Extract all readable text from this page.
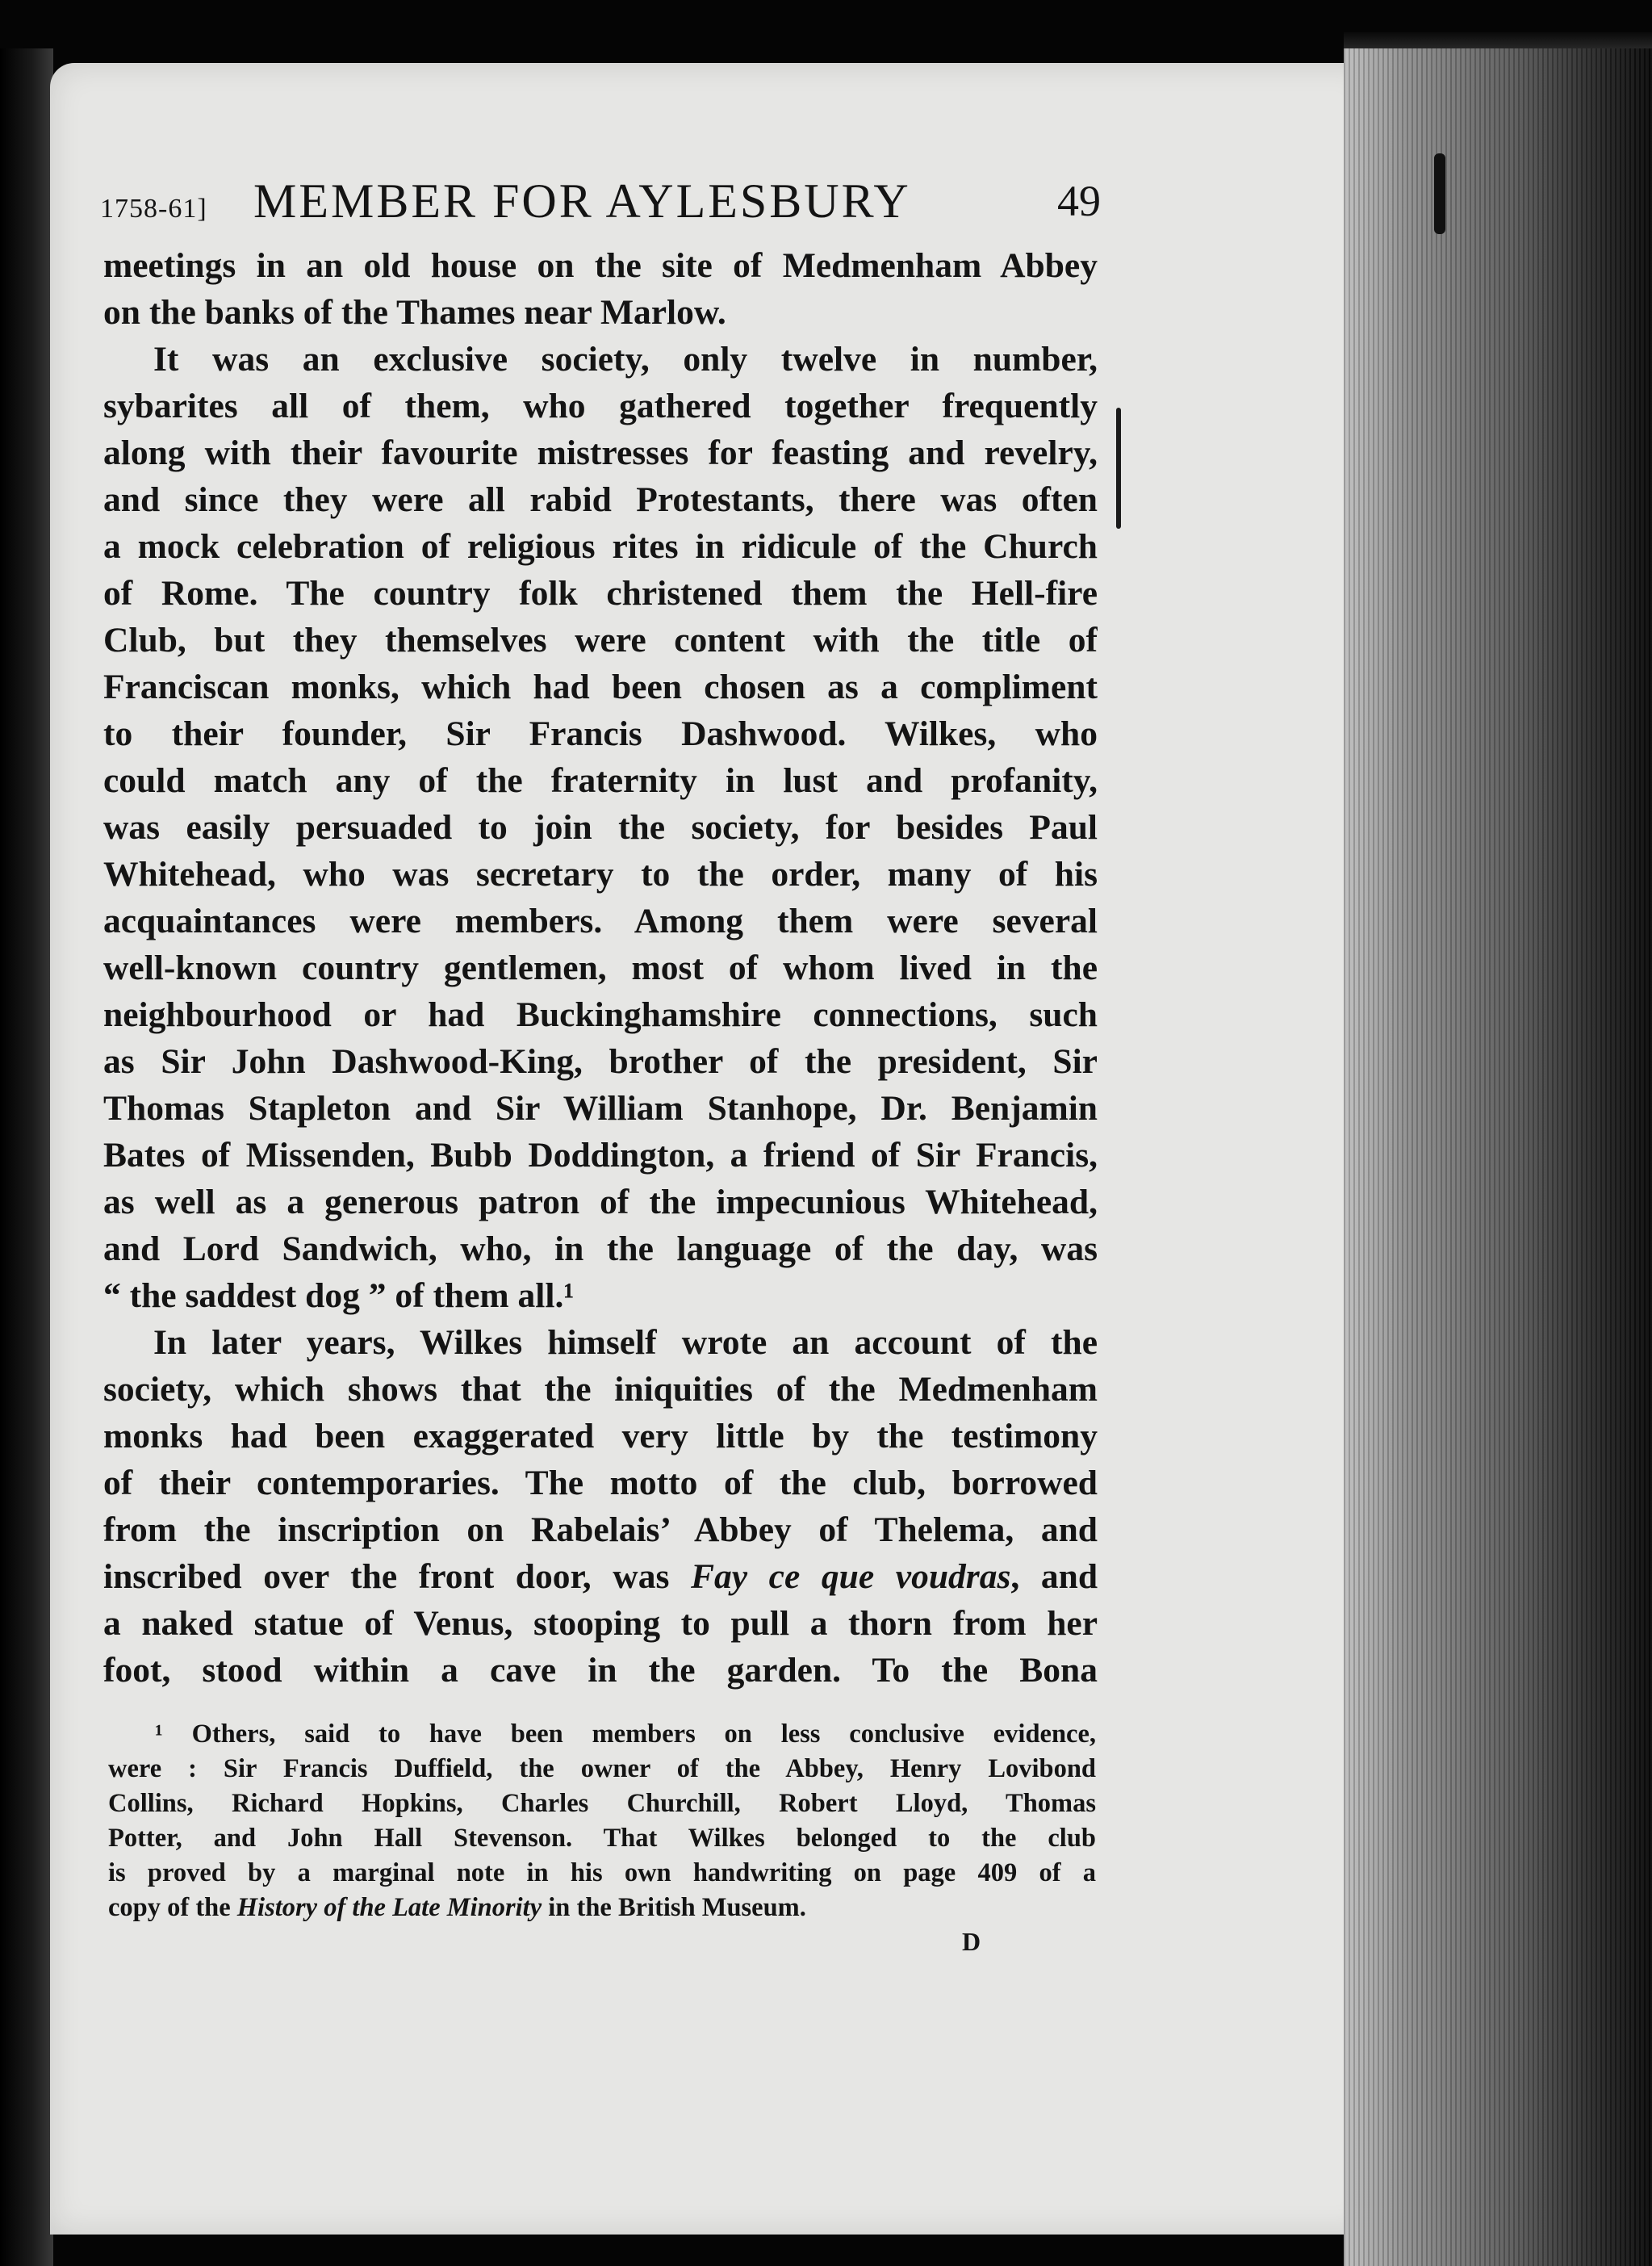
1758-61] MEMBER FOR AYLESBURY	49
meetings in an old house on the site of Medmenham Abbey
on the banks of the Thames near Marlow.
It was an exclusive society, only twelve in number,
sybarites all of them, who gathered together frequently
along with their favourite mistresses for feasting and revelry,
and since they were all rabid Protestants, there was often
a mock celebration of religious rites in ridicule of the Church
of Rome. The country folk christened them the Hell-fire
Club, but they themselves were content with the title of
Franciscan monks, which had been chosen as a compliment
to their founder, Sir Francis Dashwood. Wilkes, who
could match any of the fraternity in lust and profanity,
was easily persuaded to join the society, for besides Paul
Whitehead, who was secretary to the order, many of his
acquaintances were members. Among them were several
well-known country gentlemen, most of whom lived in the
neighbourhood or had Buckinghamshire connections, such
as Sir John Dashwood-King, brother of the president, Sir
Thomas Stapleton and Sir William Stanhope, Dr. Benjamin
Bates of Missenden, Bubb Doddington, a friend of Sir Francis,
as well as a generous patron of the impecunious Whitehead,
and Lord Sandwich, who, in the language of the day, was
“ the saddest dog ” of them all.¹
In later years, Wilkes himself wrote an account of the
society, which shows that the iniquities of the Medmenham
monks had been exaggerated very little by the testimony
of their contemporaries. The motto of the club, borrowed
from the inscription on Rabelais’ Abbey of Thelema, and
inscribed over the front door, was Fay ce que voudras, and
a naked statue of Venus, stooping to pull a thorn from her
foot, stood within a cave in the garden. To the Bona
¹ Others, said to have been members on less conclusive evidence,
were : Sir Francis Duffield, the owner of the Abbey, Henry Lovibond
Collins, Richard Hopkins, Charles Churchill, Robert Lloyd, Thomas
Potter, and John Hall Stevenson. That Wilkes belonged to the club
is proved by a marginal note in his own handwriting on page 409 of a
copy of the History of the Late Minority in the British Museum.
D
